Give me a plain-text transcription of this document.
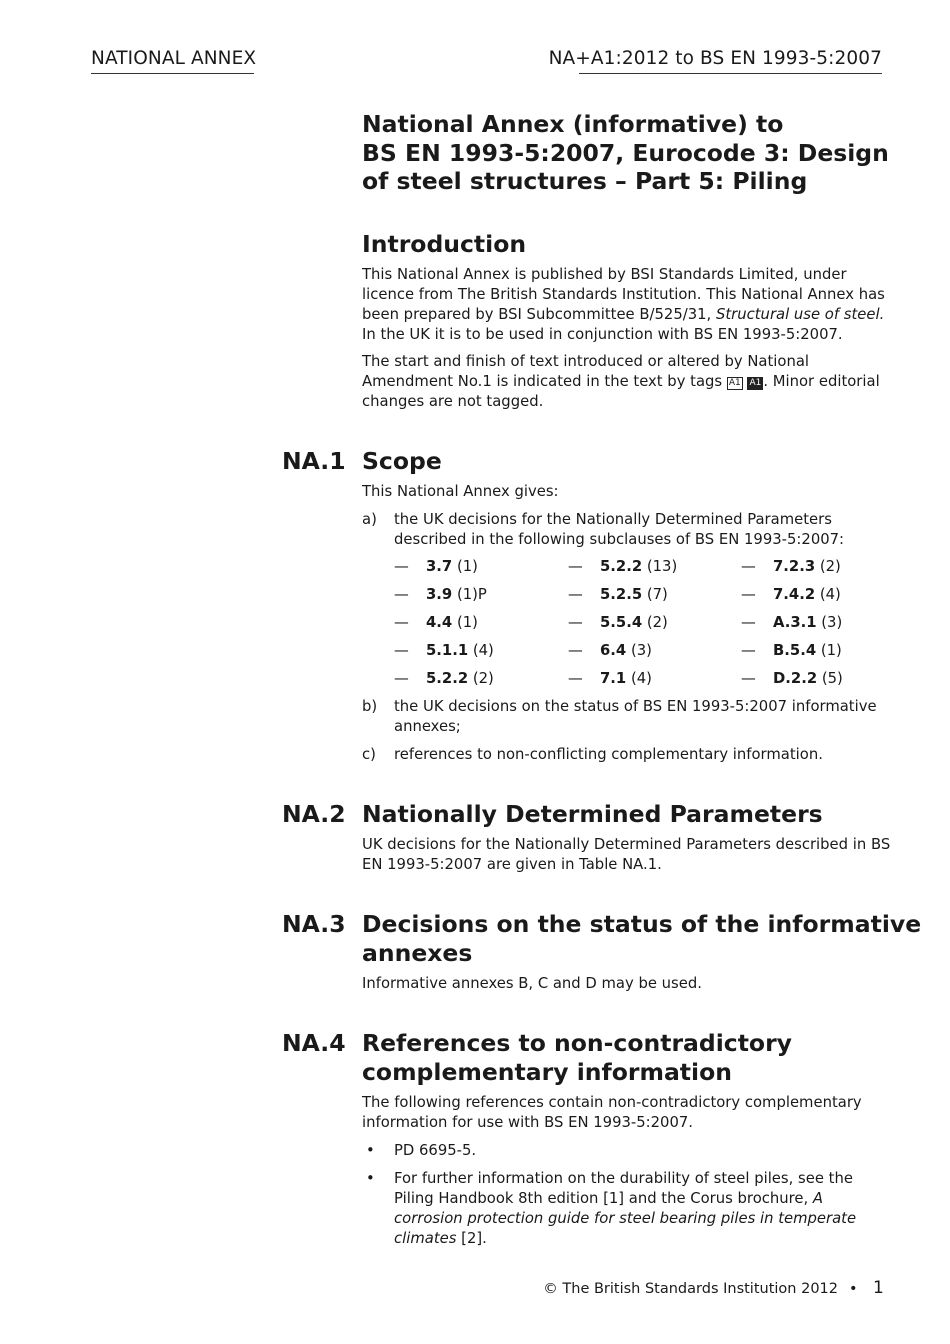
NATIONAL ANNEX	NA+A1:2012 to BS EN 1993-5:2007
National Annex (informative) to
BS EN 1993-5:2007, Eurocode 3: Design
of steel structures – Part 5: Piling
Introduction
This National Annex is published by BSI Standards Limited, under licence from The British Standards Institution. This National Annex has been prepared by BSI Subcommittee B/525/31, Structural use of steel. In the UK it is to be used in conjunction with BS EN 1993-5:2007.
The start and finish of text introduced or altered by National Amendment No.1 is indicated in the text by tags A1 A1 . Minor editorial changes are not tagged.
NA.1 Scope
This National Annex gives:
a) the UK decisions for the Nationally Determined Parameters described in the following subclauses of BS EN 1993-5:2007:
— 3.7 (1)
— 3.9 (1)P
— 4.4 (1)
— 5.1.1 (4)
— 5.2.2 (2)
— 5.2.2 (13)
— 5.2.5 (7)
— 5.5.4 (2)
— 6.4 (3)
— 7.1 (4)
— 7.2.3 (2)
— 7.4.2 (4)
— A.3.1 (3)
— B.5.4 (1)
— D.2.2 (5)
b) the UK decisions on the status of BS EN 1993-5:2007 informative annexes;
c) references to non-conflicting complementary information.
NA.2 Nationally Determined Parameters
UK decisions for the Nationally Determined Parameters described in BS EN 1993-5:2007 are given in Table NA.1.
NA.3 Decisions on the status of the informative
annexes
Informative annexes B, C and D may be used.
NA.4 References to non-contradictory
complementary information
The following references contain non-contradictory complementary information for use with BS EN 1993-5:2007.
• PD 6695-5.
• For further information on the durability of steel piles, see the Piling Handbook 8th edition [1] and the Corus brochure, A corrosion protection guide for steel bearing piles in temperate climates [2].
© The British Standards Institution 2012 • 1
